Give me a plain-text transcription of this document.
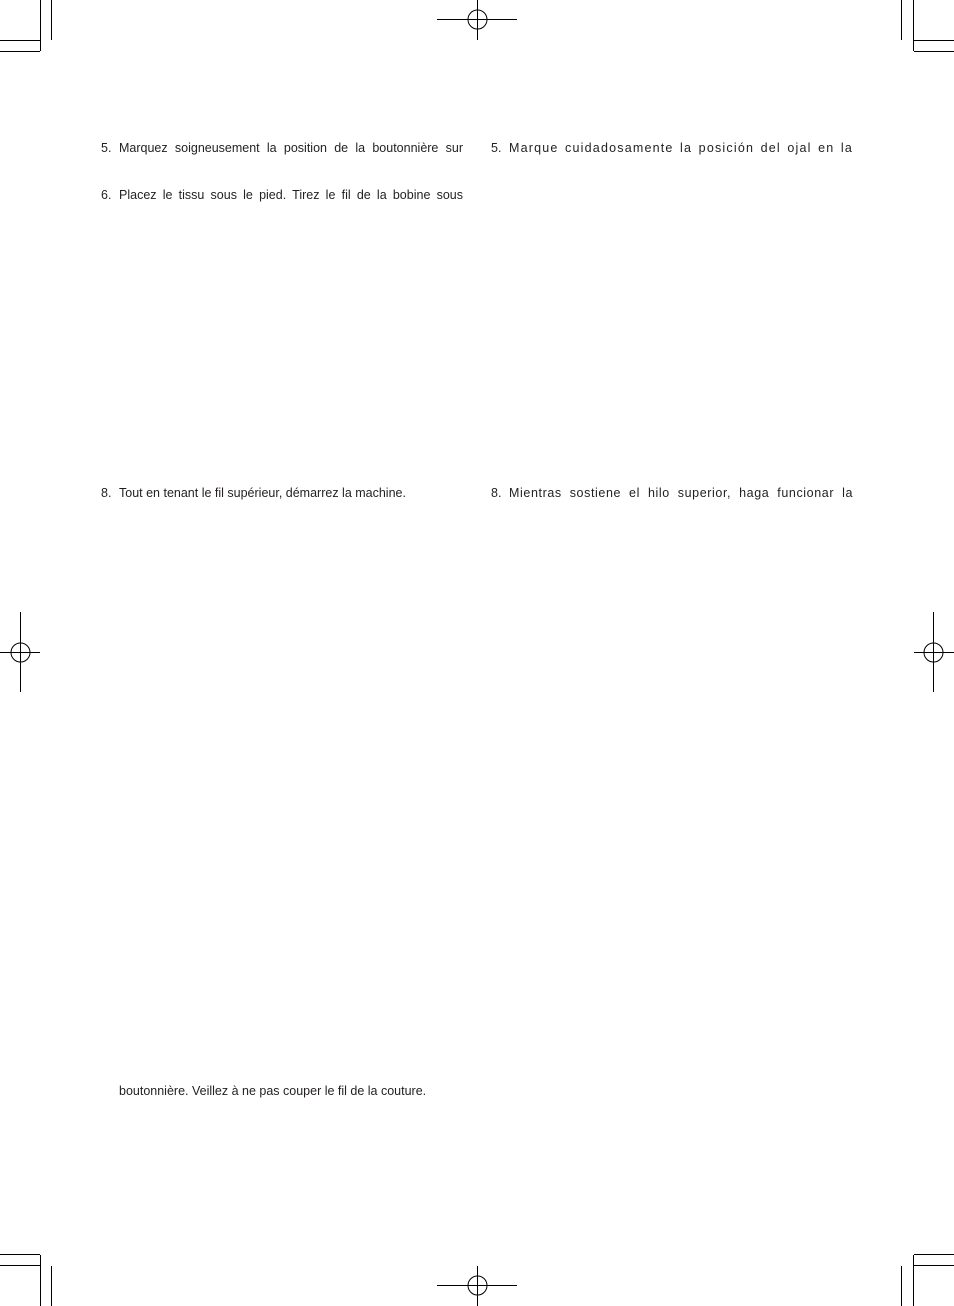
5. Marquez soigneusement la position de la boutonnière sur
6. Placez le tissu sous le pied. Tirez le fil de la bobine sous
8. Tout en tenant le fil supérieur, démarrez la machine.
boutonnière. Veillez à ne pas couper le fil de la couture.
5. Marque cuidadosamente la posición del ojal en la
8. Mientras sostiene el hilo superior, haga funcionar la
